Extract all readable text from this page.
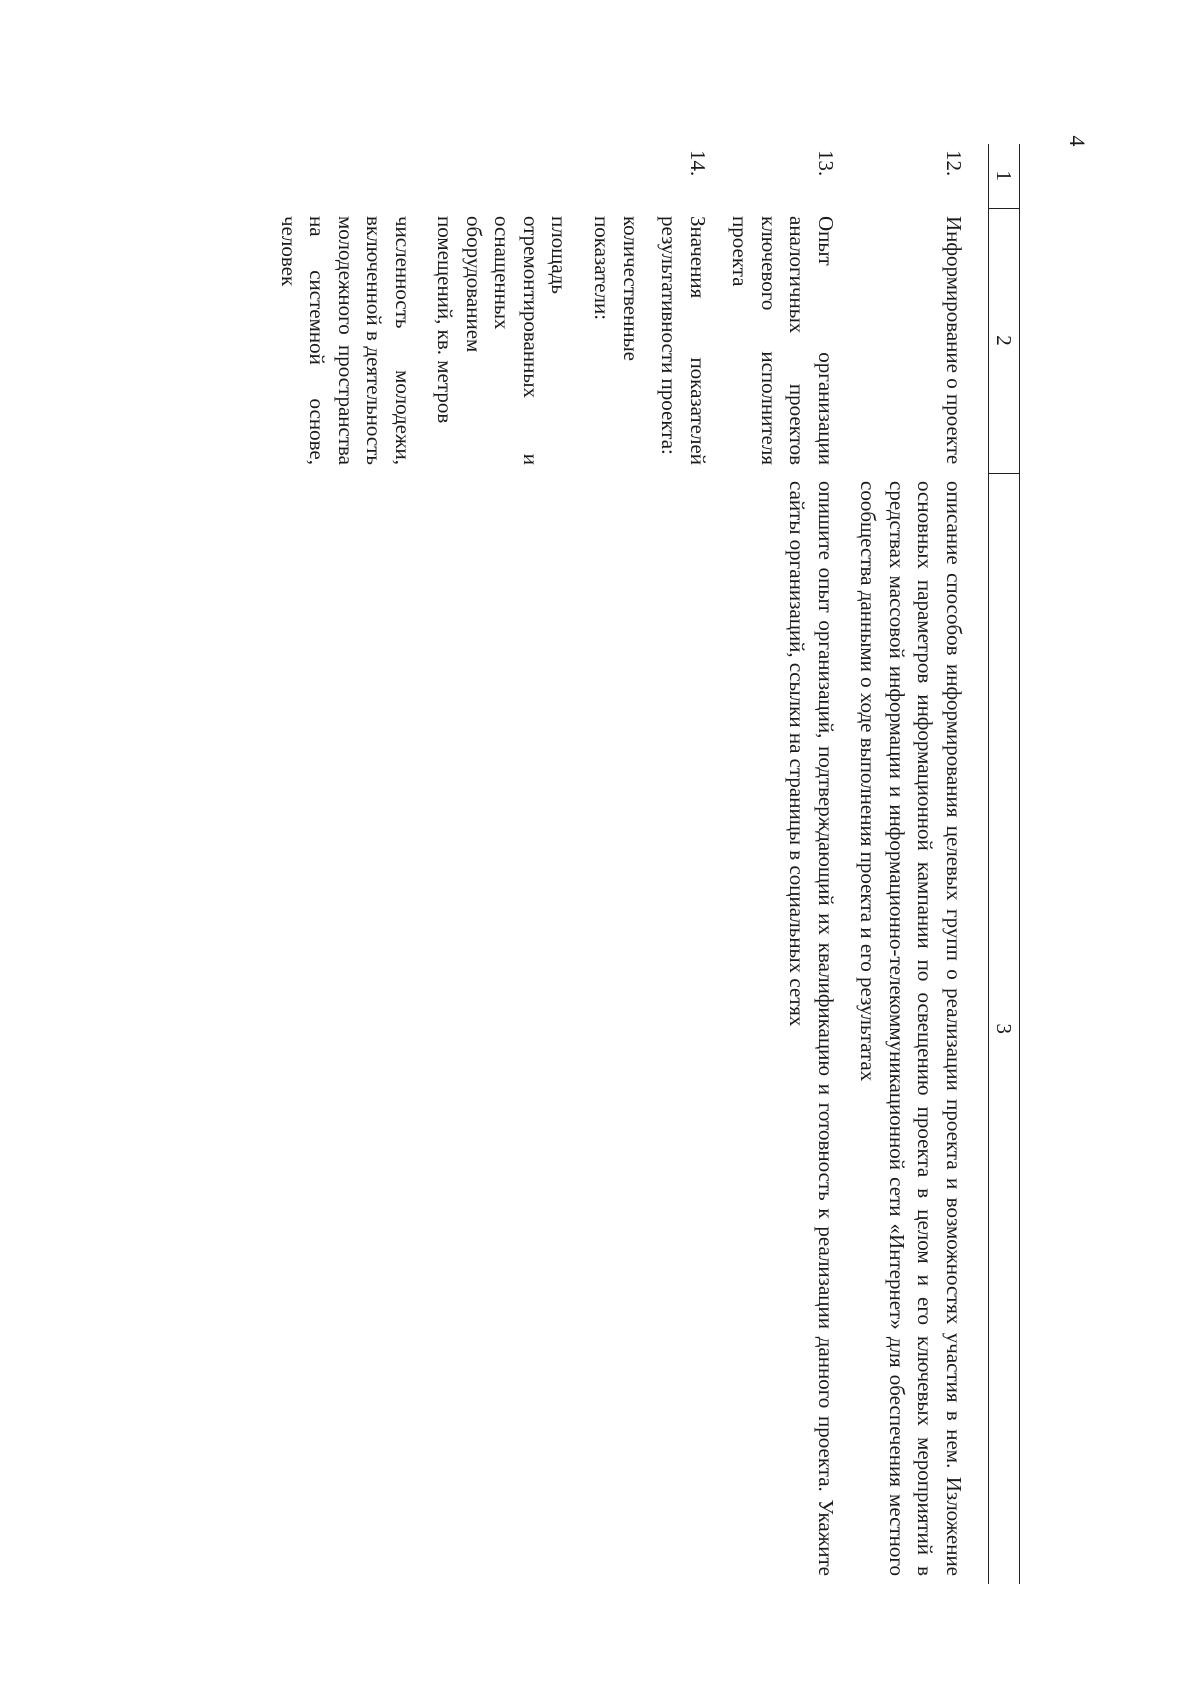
4
1	2	3
12.	Информирование о проекте	описание способов информирования целевых групп о реализации проекта и возможностях участия в нем. Изложение основных параметров информационной кампании по освещению проекта в целом и его ключевых мероприятий в средствах массовой информации и информационно-телекоммуникационной сети «Интернет» для обеспечения местного сообщества данными о ходе выполнения проекта и его результатах
13.	Опыт организации аналогичных проектов ключевого исполнителя проекта	опишите опыт организаций, подтверждающий их квалификацию и готовность к реализации данного проекта. Укажите сайты организаций, ссылки на страницы в социальных сетях
14.	Значения показателей результативности проекта:

количественные показатели:

площадь отремонтированных и оснащенных оборудованием помещений, кв. метров

численность молодежи, включенной в деятельность молодежного пространства на системной основе, человек	
